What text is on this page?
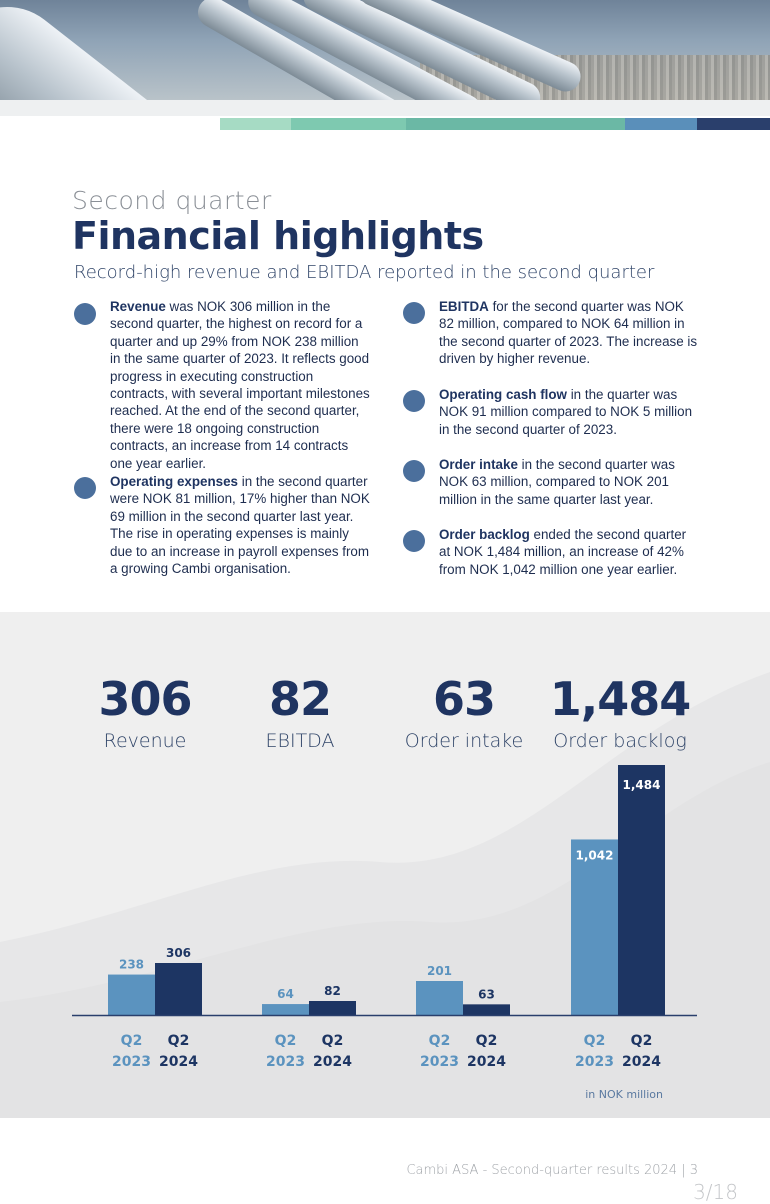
Second quarter
Financial highlights
Record-high revenue and EBITDA reported in the second quarter
Revenue was NOK 306 million in the second quarter, the highest on record for a quarter and up 29% from NOK 238 million in the same quarter of 2023. It reflects good progress in executing construction contracts, with several important milestones reached. At the end of the second quarter, there were 18 ongoing construction contracts, an increase from 14 contracts one year earlier.
Operating expenses in the second quarter were NOK 81 million, 17% higher than NOK 69 million in the second quarter last year. The rise in operating expenses is mainly due to an increase in payroll expenses from a growing Cambi organisation.
EBITDA for the second quarter was NOK 82 million, compared to NOK 64 million in the second quarter of 2023. The increase is driven by higher revenue.
Operating cash flow in the quarter was NOK 91 million compared to NOK 5 million in the second quarter of 2023.
Order intake in the second quarter was NOK 63 million, compared to NOK 201 million in the same quarter last year.
Order backlog ended the second quarter at NOK 1,484 million, an increase of 42% from NOK 1,042 million one year earlier.
306
Revenue
82
EBITDA
63
Order intake
1,484
Order backlog
238
306
Q2
2023
Q2
2024
64	82
Q2
2023
Q2
2024
201
63
Q2
2023
Q2
2024
1,042
1,484
Q2
2023
Q2
2024
in NOK million
Cambi ASA - Second-quarter results 2024 | 3
3/18
